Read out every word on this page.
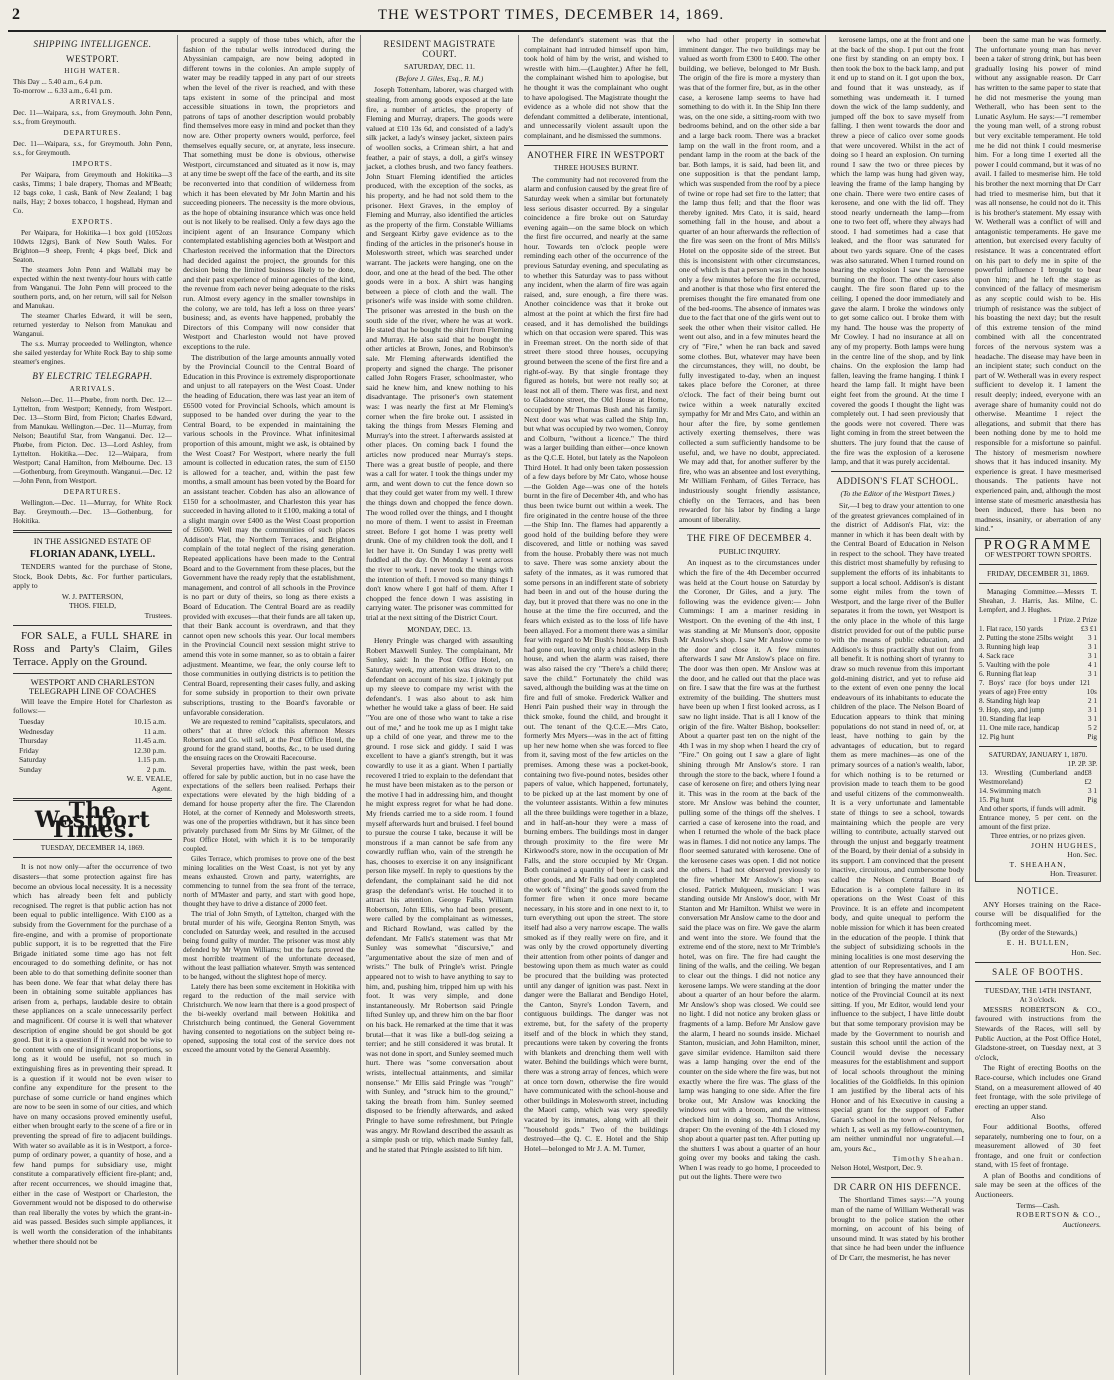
2	THE WESTPORT TIMES, DECEMBER 14, 1869.
SHIPPING INTELLIGENCE.
WESTPORT.
HIGH WATER.
This Day ... 5.40 a.m., 6.4 p.m.
To-morrow ... 6.33 a.m., 6.41 p.m.
ARRIVALS.
Dec. 11—Waipara, s.s., from Greymouth. John Penn, s.s., from Greymouth.
DEPARTURES.
Dec. 11—Waipara, s.s., for Greymouth. John Penn, s.s., for Greymouth.
IMPORTS.

Per Waipara, from Greymouth and Hokitika—3 casks, Timms; 1 bale drapery, Thomas and M'Beath; 12 bags coke, 1 cask, Bank of New Zealand; 1 bag nails, Hay; 2 boxes tobacco, 1 hogshead, Hyman and Co.

EXPORTS.

Per Waipara, for Hokitika—1 box gold (1052ozs 10dwts 12grs), Bank of New South Wales. For Brighton—9 sheep, Frenh; 4 pkgs beef, Dick and Seaton.

The steamers John Penn and Wallabi may be expected within the next twenty-four hours with cattle from Wanganui. The John Penn will proceed to the southern ports, and, on her return, will sail for Nelson and Manukau.

The steamer Charles Edward, it will be seen, returned yesterday to Nelson from Manukau and Wanganui.

The s.s. Murray proceeded to Wellington, whence she sailed yesterday for White Rock Bay to ship some steamer's engines.

BY ELECTRIC TELEGRAPH.
ARRIVALS.

Nelson.—Dec. 11—Phœbe, from north. Dec. 12—Lyttelton, from Westport; Kennedy, from Westport. Dec. 13—Storm Bird, from Picton; Charles Edward, from Manukau. Wellington.—Dec. 11—Murray, from Nelson; Beautiful Star, from Wanganui. Dec. 12—Phœbe, from Picton. Dec. 13—Lord Ashley, from Lyttelton. Hokitika.—Dec. 12—Waipara, from Westport; Canal Hamilton, from Melbourne. Dec. 13—Gothenburg, from Greymouth. Wanganui.—Dec. 12—John Penn, from Westport.

DEPARTURES.

Wellington.—Dec. 11—Murray, for White Rock Bay. Greymouth.—Dec. 13—Gothenburg, for Hokitika.

IN THE ASSIGNED ESTATE OF
FLORIAN ADANK, LYELL.

TENDERS wanted for the purchase of Stone, Stock, Book Debts, &c. For further particulars, apply to

W. J. PATTERSON,
THOS. FIELD,
Trustees.

FOR SALE, a FULL SHARE in Ross and Party's Claim, Giles Terrace. Apply on the Ground.

WESTPORT AND CHARLESTON TELEGRAPH LINE OF COACHES

Will leave the Empire Hotel for Charleston as follows:—

Tuesday	10.15 a.m.
Wednesday	11 a.m.
Thursday	11.45 a.m.
Friday	12.30 p.m.
Saturday	1.15 p.m.
Sunday	2 p.m.
W. E. VEALE,
Agent.
The Westport Times.
TUESDAY, DECEMBER 14, 1869.

It is not now only—after the occurrence of two disasters—that some protection against fire has become an obvious local necessity. It is a necessity which has already been felt and publicly recognised. The regret is that public action has not been equal to public intelligence. With £100 as a subsidy from the Government for the purchase of a fire-engine, and with a promise of proportionate public support, it is to be regretted that the Fire Brigade initiated some time ago has not felt encouraged to do something definite, or has not been able to do that something definite sooner than has been done. We fear that what delay there has been in obtaining some suitable appliances has arisen from a, perhaps, laudable desire to obtain these appliances on a scale unnecessarily perfect and magnificent. Of course it is well that whatever description of engine should be got should be got good. But it is a question if it would not be wise to be content with one of insignificant proportions, so long as it would be useful, not so much in extinguishing fires as in preventing their spread. It is a question if it would not be even wiser to confine any expenditure for the present to the purchase of some curricle or hand engines which are now to be seen in some of our cities, and which have on many occasions proved eminently useful, either when brought early to the scene of a fire or in preventing the spread of fire to adjacent buildings. With water so available as it is in Westport, a force-pump of ordinary power, a quantity of hose, and a few hand pumps for subsidiary use, might constitute a comparatively efficient fire-plant; and, after recent occurrences, we should imagine that, either in the case of Westport or Charleston, the Government would not be disposed to do otherwise than real liberally the votes by which the grant-in-aid was passed. Besides such simple appliances, it is well worth the consideration of the inhabitants whether there should not be

procured a supply of those tubes which, after the fashion of the tubular wells introduced during the Abyssinian campaign, are now being adopted in different towns in the colonies. An ample supply of water may be readily tapped in any part of our streets when the level of the river is reached, and with these taps existent in some of the principal and most accessible situations in town, the proprietors and patrons of taps of another description would probably find themselves more easy in mind and pocket than they now are. Other property owners would, perforce, feel themselves equally secure, or, at anyrate, less insecure. That something must be done is obvious, otherwise Westport, circumstanced and situated as it now is, may at any time be swept off the face of the earth, and its site be reconverted into that condition of wilderness from which it has been elevated by Mr John Martin and his succeeding pioneers. The necessity is the more obvious, as the hope of obtaining insurance which was once held out is not likely to be realised. Only a few days ago the incipient agent of an Insurance Company which contemplated establishing agencies both at Westport and Charleston received the information that the Directors had decided against the project, the grounds for this decision being the limited business likely to be done, and their past experience of minor agencies of the kind, the revenue from each never being adequate to the risks run. Almost every agency in the smaller townships in the colony, we are told, has left a loss on three years' business; and, as events have happened, probably the Directors of this Company will now consider that Westport and Charleston would not have proved exceptions to the rule.

The distribution of the large amounts annually voted by the Provincial Council to the Central Board of Education in this Province is extremely disproportionate and unjust to all ratepayers on the West Coast. Under the heading of Education, there was last year an item of £6500 voted for Provincial Schools, which amount is supposed to be handed over during the year to the Central Board, to be expended in maintaining the various schools in the Province. What infinitesimal proportion of this amount, might we ask, is obtained by the West Coast? For Westport, where nearly the full amount is collected in education rates, the sum of £150 is allowed for a teacher, and, within the past few months, a small amount has been voted by the Board for an assistant teacher. Cobden has also an allowance of £150 for a schoolmaster, and Charleston this year has succeeded in having alloted to it £100, making a total of a slight margin over £400 as the West Coast proportion of £6500. Well may the communities of such places Addison's Flat, the Northern Terraces, and Brighton complain of the total neglect of the rising generation. Repeated applications have been made to the Central Board and to the Government from these places, but the Government have the ready reply that the establishment, management, and control of all schools in the Province is no part or duty of theirs, so long as there exists a Board of Education. The Central Board are as readily provided with excuses—that their funds are all taken up, that their Bank account is overdrawn, and that they cannot open new schools this year. Our local members in the Provincial Council next session might strive to amend this vote in some manner, so as to obtain a fairer adjustment. Meantime, we fear, the only course left to those communities in outlying districts is to petition the Central Board, representing their cases fully, and asking for some subsidy in proportion to their own private subscriptions, trusting to the Board's favorable or unfavorable consideration.

We are requested to remind "capitalists, speculators, and others" that at three o'clock this afternoon Messrs Robertson and Co. will sell, at the Post Office Hotel, the ground for the grand stand, booths, &c., to be used during the ensuing races on the Orowaiti Racecourse.

Several properties have, within the past week, been offered for sale by public auction, but in no case have the expectations of the sellers been realised. Perhaps their expectations were elevated by the high bidding of a demand for house property after the fire. The Clarendon Hotel, at the corner of Kennedy and Molesworth streets, was one of the properties withdrawn, but it has since been privately purchased from Mr Sims by Mr Gilmer, of the Post Office Hotel, with which it is to be temporarily coupled.

Giles Terrace, which promises to prove one of the best mining localities on the West Coast, is not yet by any means exhausted. Crown and party, waterrights, are commencing to tunnel from the sea front of the terrace, north of M'Master and party, and start with good hope, thought they have to drive a distance of 2000 feet.

The trial of John Smyth, of Lyttelton, charged with the brutal murder of his wife, Georgina Renton Smyth, was concluded on Saturday week, and resulted in the accused being found guilty of murder. The prisoner was most ably defended by Mr Wynn Williams; but the facts proved the most horrible treatment of the unfortunate deceased, without the least palliation whatever. Smyth was sentenced to be hanged, without the slightest hope of mercy.

Lately there has been some excitement in Hokitika with regard to the reduction of the mail service with Christchurch. We now learn that there is a good prospect of the bi-weekly overland mail between Hokitika and Christchurch being continued, the General Government having consented to negotiations on the subject being re-opened, supposing the total cost of the service does not exceed the amount voted by the General Assembly.

RESIDENT MAGISTRATE COURT.
SATURDAY, DEC. 11.
(Before J. Giles, Esq., R. M.)

Joseph Tottenham, laborer, was charged with stealing, from among goods exposed at the late fire, a number of articles, the property of Fleming and Murray, drapers. The goods were valued at £10 13s 6d, and consisted of a lady's silk jacket, a lady's winsey jacket, sixteen pairs of woollen socks, a Crimean shirt, a hat and feather, a pair of stays, a doll, a girl's winsey jacket, a clothes brush, and two fancy feathers. John Stuart Fleming identified the articles produced, with the exception of the socks, as his property, and he had not sold them to the prisoner. Hext Graves, in the employ of Fleming and Murray, also identified the articles as the property of the firm. Constable Williams and Sergeant Kirby gave evidence as to the finding of the articles in the prisoner's house in Molesworth street, which was searched under warrant. The jackets were hanging, one on the door, and one at the head of the bed. The other goods were in a box. A shirt was hanging between a piece of cloth and the wall. The prisoner's wife was inside with some children. The prisoner was arrested in the bush on the south side of the river, where he was at work. He stated that he bought the shirt from Fleming and Murray. He also said that he bought the other articles at Brown, Jones, and Robinson's sale. Mr Fleming afterwards identified the property and signed the charge. The prisoner called John Rogers Fraser, schoolmaster, who said he knew him, and knew nothing to his disadvantage. The prisoner's own statement was: I was nearly the first at Mr Fleming's corner when the fire broke out. I assisted in taking the things from Messrs Fleming and Murray's into the street. I afterwards assisted at other places. On coming back I found the articles now produced near Murray's steps. There was a great bustle of people, and there was a call for water. I took the things under my arm, and went down to cut the fence down so that they could get water from my well. I threw the things down and chopped the fence down. The wood rolled over the things, and I thought no more of them. I went to assist in Freeman street. Before I got home I was pretty well drunk. One of my children took the doll, and I let her have it. On Sunday I was pretty well fuddled all the day. On Monday I went across the river to work. I never took the things with the intention of theft. I moved so many things I don't know where I got half of them. After I chopped the fence down I was assisting in carrying water. The prisoner was committed for trial at the next sitting of the District Court.

MONDAY, DEC. 13.

Henry Pringle was charged with assaulting Robert Maxwell Sunley. The complainant, Mr Sunley, said: In the Post Office Hotel, on Saturday week, my attention was drawn to the defendant on account of his size. I jokingly put up my sleeve to compare my wrist with the defendant's. I was also about to ask him whether he would take a glass of beer. He said "You are one of those who want to take a rise out of me," and he took me up as I might take up a child of one year, and threw me to the ground. I rose sick and giddy. I said I was excellent to have a giant's strength, but it was cowardly to use it as a giant. When I partially recovered I tried to explain to the defendant that he must have been mistaken as to the person or the motive I had in addressing him, and thought he might express regret for what he had done. My friends carried me to a side room. I found myself afterwards hurt and bruised. I feel bound to pursue the course I take, because it will be monstrous if a man cannot be safe from any cowardly ruffian who, vain of the strength he has, chooses to exercise it on any insignificant person like myself. In reply to questions by the defendant, the complainant said he did not grasp the defendant's wrist. He touched it to attract his attention. George Falls, William Robertson, John Ellis, who had been present, were called by the complainant as witnesses, and Richard Rowland, was called by the defendant. Mr Falls's statement was that Mr Sunley was somewhat "discursive," and "argumentative about the size of men and of wrists." The bulk of Pringle's wrist. Pringle appeared not to wish to have anything to say to him, and, pushing him, tripped him up with his foot. It was very simple, and done instantaneously. Mr Robertson said Pringle lifted Sunley up, and threw him on the bar floor on his back. He remarked at the time that it was brutal—that it was like a bull-dog seizing a terrier; and he still considered it was brutal. It was not done in sport, and Sunley seemed much hurt. There was "some conversation about wrists, intellectual attainments, and similar nonsense." Mr Ellis said Pringle was "rough" with Sunley, and "struck him to the ground," taking the breath from him. Sunley seemed disposed to be friendly afterwards, and asked Pringle to have some refreshment, but Pringle was angry. Mr Rowland described the assault as a simple push or trip, which made Sunley fall, and he stated that Pringle assisted to lift him.

The defendant's statement was that the complainant had intruded himself upon him, took hold of him by the wrist, and wished to wrestle with him.—(Laughter.) After he fell, the complainant wished him to apologise, but he thought it was the complainant who ought to have apologised. The Magistrate thought the evidence as a whole did not show that the defendant committed a deliberate, intentional, and unnecessarily violent assault upon the complainant, and he dismissed the summons.

ANOTHER FIRE IN WESTPORT
THREE HOUSES BURNT.

The community had not recovered from the alarm and confusion caused by the great fire of Saturday week when a similar but fortunately less serious disaster occurred. By a singular coincidence a fire broke out on Saturday evening again—on the same block on which the first fire occurred, and nearly at the same hour. Towards ten o'clock people were reminding each other of the occurrence of the previous Saturday evening, and speculating as to whether this Saturday was to pass without any incident, when the alarm of fire was again raised, and, sure enough, a fire there was. Another coincidence was that it broke out almost at the point at which the first fire had ceased, and it has demolished the buildings which on that occasion were spared. This was in Freeman street. On the north side of that street there stood three houses, occupying ground between the scene of the first fire and a right-of-way. By that single frontage they figured as hotels, but were not really so; at least not all of them. There was first, and next to Gladstone street, the Old House at Home, occupied by Mr Thomas Bush and his family. Next door was what was called the Ship Inn, but what was occupied by two women, Conroy and Colburn, "without a licence." The third was a larger building than either—once known as the Q.C.E. Hotel, but lately as the Napoleon Third Hotel. It had only been taken possession of a few days before by Mr Cato, whose house—the Golden Age—was one of the hotels burnt in the fire of December 4th, and who has thus been twice burnt out within a week. The fire originated in the centre house of the three—the Ship Inn. The flames had apparently a good hold of the building before they were discovered, and little or nothing was saved from the house. Probably there was not much to save. There was some anxiety about the safety of the inmates, as it was rumored that some persons in an indifferent state of sobriety had been in and out of the house during the day, but it proved that there was no one in the house at the time the fire occurred, and the fears which existed as to the loss of life have been allayed. For a moment there was a similar fear with regard to Mr Bush's house. Mrs Bush had gone out, leaving only a child asleep in the house, and when the alarm was raised, there was also raised the cry "There's a child there; save the child." Fortunately the child was saved, although the building was at the time on fire and full of smoke. Frederick Walker and Henri Pain pushed their way in through the thick smoke, found the child, and brought it out. The tenant of the Q.C.E.—Mrs Cato, formerly Mrs Myers—was in the act of fitting up her new home when she was forced to flee from it, saving most of the few articles on the premises. Among these was a pocket-book, containing two five-pound notes, besides other papers of value, which happened, fortunately, to be picked up at the last moment by one of the volunteer assistants. Within a few minutes all the three buildings were together in a blaze, and in half-an-hour they were a mass of burning embers. The buildings most in danger through proximity to the fire were Mr Kirkwood's store, now in the occupation of Mr Falls, and the store occupied by Mr Organ. Both contained a quantity of beer in cask and other goods, and Mr Falls had only completed the work of "fixing" the goods saved from the former fire when it once more became necessary, in his store and in one next to it, to turn everything out upon the street. The store itself had also a very narrow escape. The walls smoked as if they really were on fire, and it was only by the crowd opportunely diverting their attention from other points of danger and bestowing upon them as much water as could be procured that the building was protected until any danger of ignition was past. Next in danger were the Ballarat and Bendigo Hotel, the Canton, Snyre's London Tavern, and contiguous buildings. The danger was not extreme, but, for the safety of the property itself and of the block in which they stand, precautions were taken by covering the fronts with blankets and drenching them well with water. Behind the buildings which were burnt, there was a strong array of fences, which were at once torn down, otherwise the fire would have communicated with the school-house and other buildings in Molesworth street, including the Maori camp, which was very speedily vacated by its inmates, along with all their "household gods." Two of the buildings destroyed—the Q. C. E. Hotel and the Ship Hotel—belonged to Mr J. A. M. Turner,

who had other property in somewhat imminent danger. The two buildings may be valued as worth from £300 to £400. The other building, we believe, belonged to Mr Bush. The origin of the fire is more a mystery than was that of the former fire, but, as in the other case, a kerosene lamp seems to have had something to do with it. In the Ship Inn there was, on the one side, a sitting-room with two bedrooms behind, and on the other side a bar and a large back room. There was a bracket lamp on the wall in the front room, and a pendant lamp in the room at the back of the bar. Both lamps, it is said, had been lit, and one supposition is that the pendant lamp, which was suspended from the roof by a piece of twine or rope had set fire to the latter; that the lamp thus fell; and that the floor was thereby ignited. Mrs Cato, it is said, heard something fall in the house, and about a quarter of an hour afterwards the reflection of the fire was seen on the front of Mrs Mills's Hotel on the opposite side of the street. But this is inconsistent with other circumstances, one of which is that a person was in the house only a few minutes before the fire occurred, and another is that those who first entered the premises thought the fire emanated from one of the bed-rooms. The absence of inmates was due to the fact that one of the girls went out to seek the other when their visitor called. He went out also, and in a few minutes heard the cry of "Fire," when he ran back and saved some clothes. But, whatever may have been the circumstances, they will, no doubt, be fully investigated to-day, when an inquest takes place before the Coroner, at three o'clock. The fact of their being burnt out twice within a week naturally excited sympathy for Mr and Mrs Cato, and within an hour after the fire, by some gentlemen actively exerting themselves, there was collected a sum sufficiently handsome to be useful, and, we have no doubt, appreciated. We may add that, for another sufferer by the fire, who was an absentee and lost everything, Mr William Fenham, of Giles Terrace, has industriously sought friendly assistance, chiefly on the Terraces, and has been rewarded for his labor by finding a large amount of liberality.

THE FIRE OF DECEMBER 4.
PUBLIC INQUIRY.

An inquest as to the circumstances under which the fire of the 4th December occurred was held at the Court house on Saturday by the Coroner, Dr Giles, and a jury. The following was the evidence given:— John Cummings: I am a mariner residing in Westport. On the evening of the 4th inst, I was standing at Mr Munson's door, opposite Mr Anslow's shop. I saw Mr Anslow come to the door and close it. A few minutes afterwards I saw Mr Anslow's place on fire. The door was then open. Mr Anslow was at the door, and he called out that the place was on fire. I saw that the fire was at the furthest extremity of the building. The shutters must have been up when I first looked across, as I saw no light inside. That is all I know of the origin of the fire. Walter Bishop, bookseller: About a quarter past ten on the night of the 4th I was in my shop when I heard the cry of "Fire." On going out I saw a glare of light shining through Mr Anslow's store. I ran through the store to the back, where I found a case of kerosene on fire; and others lying near it. This was in the room at the back of the store. Mr Anslow was behind the counter, pulling some of the things off the shelves. I carried a case of kerosene into the road, and when I returned the whole of the back place was in flames. I did not notice any lamps. The floor seemed saturated with kerosene. One of the kerosene cases was open. I did not notice the others. I had not observed previously to the fire whether Mr Anslow's shop was closed. Patrick Mulqueen, musician: I was standing outside Mr Anslow's door, with Mr Stanton and Mr Hamilton. Whilst we were in conversation Mr Anslow came to the door and said the place was on fire. We gave the alarm and went into the store. We found that the extreme end of the store, next to Mr Trimble's hotel, was on fire. The fire had caught the lining of the walls, and the ceiling. We began to clear out the things. I did not notice any kerosene lamps. We were standing at the door about a quarter of an hour before the alarm. Mr Anslow's shop was closed. We could see no light. I did not notice any broken glass or fragments of a lamp. Before Mr Anslow gave the alarm, I heard no sounds inside. Michael Stanton, musician, and John Hamilton, miner, gave similar evidence. Hamilton said there was a lamp hanging over the end of the counter on the side where the fire was, but not exactly where the fire was. The glass of the lamp was hanging to one side. After the fire broke out, Mr Anslow was knocking the windows out with a broom, and the witness checked him in doing so. Thomas Anslow, draper: On the evening of the 4th I closed my shop about a quarter past ten. After putting up the shutters I was about a quarter of an hour going over my books and taking the cash. When I was ready to go home, I proceeded to put out the lights. There were two

kerosene lamps, one at the front and one at the back of the shop. I put out the front one first by standing on an empty box. I then took the box to the back lamp, and put it end up to stand on it. I got upon the box, and found that it was unsteady, as if something was underneath it. I turned down the wick of the lamp suddenly, and jumped off the box to save myself from falling. I then went towards the door and threw a piece of calico over some goods that were uncovered. Whilst in the act of doing so I heard an explosion. On turning round I saw the two or three pieces by which the lamp was hung had given way, leaving the frame of the lamp hanging by one chain. There were two entire cases of kerosene, and one with the lid off. They stood nearly underneath the lamp—from one to two feet off, where they always had stood. I had sometimes had a case that leaked, and the floor was saturated for about two yards square. One of the cases was also saturated. When I turned round on hearing the explosion I saw the kerosene burning on the floor. The other cases also caught. The fire soon flared up to the ceiling. I opened the door immediately and gave the alarm. I broke the windows only to get some calico out. I broke them with my hand. The house was the property of Mr Cowley. I had no insurance at all on any of my property. Both lamps were hung in the centre line of the shop, and by link chains. On the explosion the lamp had fallen, leaving the frame hanging. I think I heard the lamp fall. It might have been eight feet from the ground. At the time I covered the goods I thought the light was completely out. I had seen previously that the goods were not covered. There was light coming in from the street between the shutters. The jury found that the cause of the fire was the explosion of a kerosene lamp, and that it was purely accidental.

ADDISON'S FLAT SCHOOL.
(To the Editor of the Westport Times.)

Sir,—I beg to draw your attention to one of the greatest grievances complained of in the district of Addison's Flat, viz: the manner in which it has been dealt with by the Central Board of Education in Nelson in respect to the school. They have treated this district most shamefully by refusing to supplement the efforts of its inhabitants to support a local school. Addison's is distant some eight miles from the town of Westport, and the large river of the Buller separates it from the town, yet Westport is the only place in the whole of this large district provided for out of the public purse with the means of public education, and Addison's is thus practically shut out from all benefit. It is nothing short of tyranny to draw so much revenue from this important gold-mining district, and yet to refuse aid to the extent of even one penny the local endeavours of its inhabitants to educate the children of the place. The Nelson Board of Education appears to think that mining populations do not stand in need of, or, at least, have nothing to gain by the advantages of education, but to regard them as mere machines—as one of the primary sources of a nation's wealth, labor, for which nothing is to be returned or provision made to teach them to be good and useful citizens of the commonwealth. It is a very unfortunate and lamentable state of things to see a school, towards maintaining which the people are very willing to contribute, actually starved out through the unjust and beggarly treatment of the Board, by their denial of a subsidy in its support. I am convinced that the present inactive, circuitous, and cumbersome body called the Nelson Central Board of Education is a complete failure in its operations on the West Coast of this Province. It is an effete and incompetent body, and quite unequal to perform the noble mission for which it has been created in the education of the people. I think that the subject of subsidizing schools in the mining localities is one most deserving the attention of our Representatives, and I am glad to see that they have announced their intention of bringing the matter under the notice of the Provincial Council at its next sitting. If you, Mr Editor, would lend your influence to the subject, I have little doubt but that some temporary provision may be made by the Government to nourish and sustain this school until the action of the Council would devise the necessary measures for the establishment and support of local schools throughout the mining localities of the Goldfields. In this opinion I am justified by the liberal acts of his Honor and of his Executive in causing a special grant for the support of Father Garan's school in the town of Nelson, for which I, as well as my fellow-countrymen, am neither unmindful nor ungrateful.—I am, yours &c.,

Timothy Sheahan.
Nelson Hotel, Westport, Dec. 9.
DR CARR ON HIS DEFENCE.

The Shortland Times says:—"A young man of the name of William Wetherall was brought to the police station the other morning, on account of his being of unsound mind. It was stated by his brother that since he had been under the influence of Dr Carr, the mesmerist, he has never

been the same man he was formerly. The unfortunate young man has never been a taker of strong drink, but has been gradually losing his power of mind without any assignable reason. Dr Carr has written to the same paper to state that he did not mesmerise the young man Wetherall, who has been sent to the Lunatic Asylum. He says:—"I remember the young man well, of a strong robust but very excitable temperament. He told me he did not think I could mesmerise him. For a long time I exerted all the power I could command, but it was of no avail. I failed to mesmerise him. He told his brother the next morning that Dr Carr had tried to mesmerise him, but that it was all nonsense, he could not do it. This is his brother's statement. My essay with W. Wetherall was a conflict of will and antagonistic temperaments. He gave me attention, but exercised every faculty of resistance. It was a concentrated effort on his part to defy me in spite of the powerful influence I brought to bear upon him; and he left the stage as convinced of the fallacy of mesmerism as any sceptic could wish to be. His triumph of resistance was the subject of his boasting the next day; but the result of this extreme tension of the mind combined with all the concentrated forces of the nervous system was a headache. The disease may have been in an incipient state; such conduct on the part of W. Wetherall was in every respect sufficient to develop it. I lament the result deeply; indeed, everyone with an average share of humanity could not do otherwise. Meantime I reject the allegations, and submit that there has been nothing done by me to hold me responsible for a misfortune so painful. The history of mesmerism nowhere shows that it has induced insanity. My experience is great. I have mesmerised thousands. The patients have not experienced pain, and, although the most intense state of mesmeric anæsthesia has been induced, there has been no madness, insanity, or aberration of any kind."

PROGRAMME
OF WESTPORT TOWN SPORTS.
FRIDAY, DECEMBER 31, 1869.

Managing Committee.—Messrs T. Sheahan, J. Harris, Jas. Milne, C. Lempfert, and J. Hughes.

1 Prize. 2 Prize
1. Flat race, 150 yards	£3 £1
2. Putting the stone 25lbs weight 3 1
3. Running high leap	3 1
4. Sack race	3 1
5. Vaulting with the pole	4 1
6. Running flat leap	3 1
7. Boys' race (for boys under 12 years of age) Free entry
1 10s
8. Standing high leap	2 1
9. Hop, step, and jump	3 1
10. Standing flat leap	3 1
11. One mile race, handicap	5 2
12. Pig hunt	Pig
SATURDAY, JANUARY 1, 1870.
1P. 2P. 3P.
13. Wrestling (Cumberland and Westmoreland)
£8 £2
14. Swimming match	3 1
15. Pig hunt	Pig
And other sports, if funds will admit.
Entrance money, 5 per cent. on the amount of the first prize.
Three entries, or no prizes given.
JOHN HUGHES,
Hon. Sec.
T. SHEAHAN,
Hon. Treasurer.
NOTICE.

ANY Horses training on the Race-course will be disqualified for the forthcoming meet.

(By order of the Stewards,)
E. H. BULLEN,
Hon. Sec.
SALE OF BOOTHS.
TUESDAY, THE 14TH INSTANT,
At 3 o'clock.

MESSRS ROBERTSON & CO., favoured with instructions from the Stewards of the Races, will sell by Public Auction, at the Post Office Hotel, Gladstone-street, on Tuesday next, at 3 o'clock,

The Right of erecting Booths on the Race-course, which includes one Grand Stand, on a measurement allowed of 40 feet frontage, with the sole privilege of erecting an upper stand.

Also

Four additional Booths, offered separately, numbering one to four, on a measurement allowed of 30 feet frontage, and one fruit or confection stand, with 15 feet of frontage.

A plan of Booths and conditions of sale may be seen at the offices of the Auctioneers.

Terms—Cash.
ROBERTSON & CO.,
Auctioneers.
